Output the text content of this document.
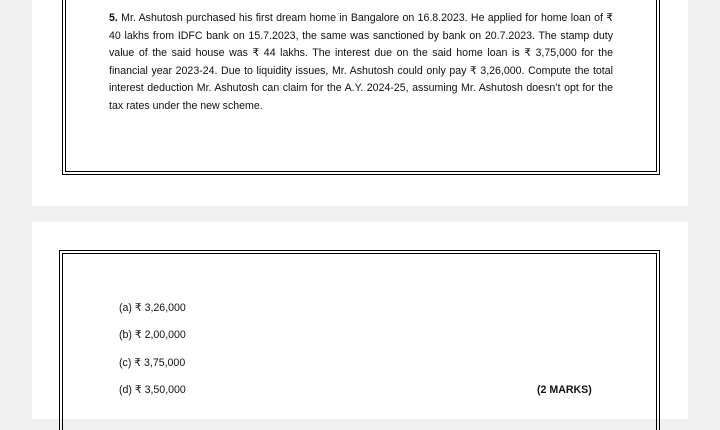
5. Mr. Ashutosh purchased his first dream home in Bangalore on 16.8.2023. He applied for home loan of ₹ 40 lakhs from IDFC bank on 15.7.2023, the same was sanctioned by bank on 20.7.2023. The stamp duty value of the said house was ₹ 44 lakhs. The interest due on the said home loan is ₹ 3,75,000 for the financial year 2023-24. Due to liquidity issues, Mr. Ashutosh could only pay ₹ 3,26,000. Compute the total interest deduction Mr. Ashutosh can claim for the A.Y. 2024-25, assuming Mr. Ashutosh doesn’t opt for the tax rates under the new scheme.

(a) ₹ 3,26,000
(b) ₹ 2,00,000
(c) ₹ 3,75,000
(d) ₹ 3,50,000	(2 MARKS)
